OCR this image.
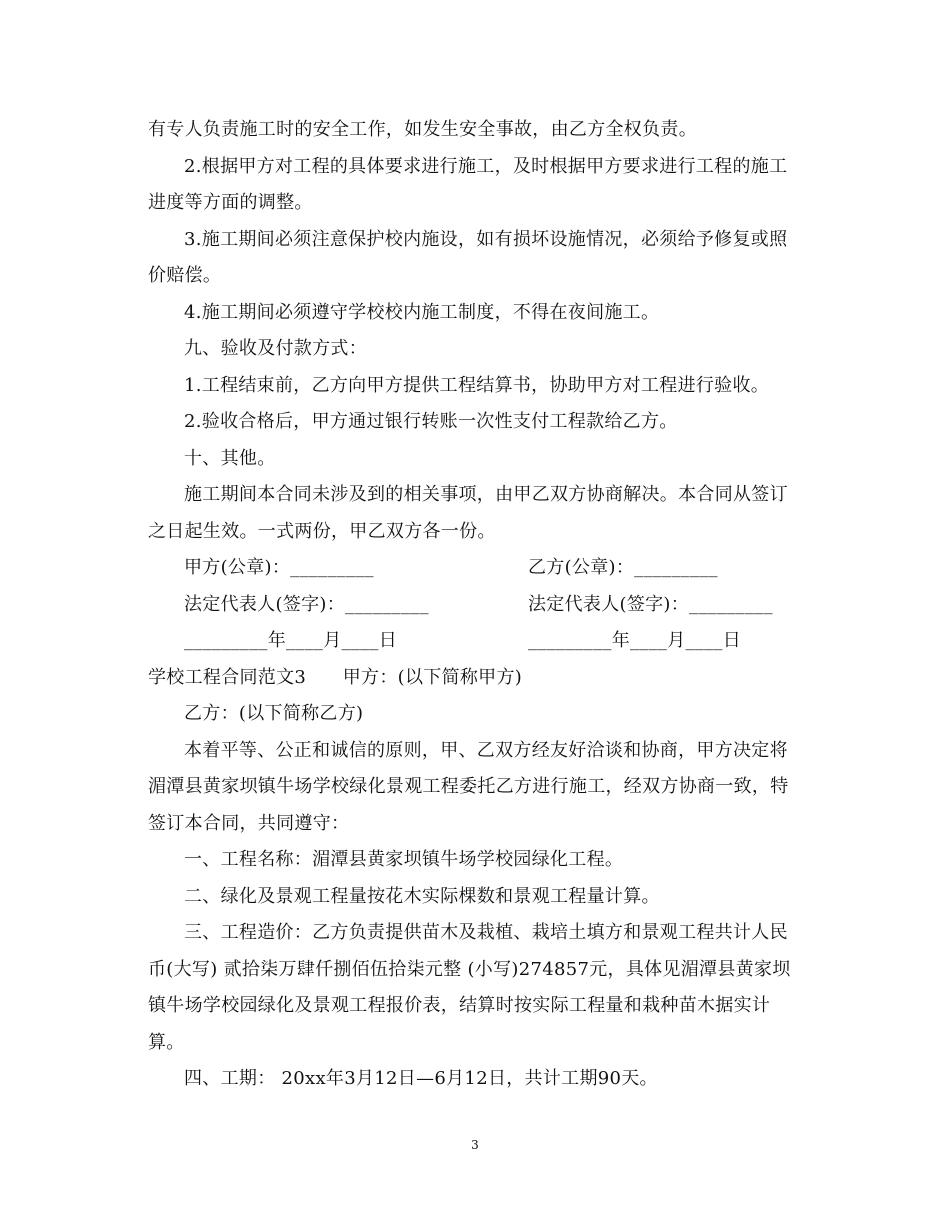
有专人负责施工时的安全工作，如发生安全事故，由乙方全权负责。
2.根据甲方对工程的具体要求进行施工，及时根据甲方要求进行工程的施工
进度等方面的调整。
3.施工期间必须注意保护校内施设，如有损坏设施情况，必须给予修复或照
价赔偿。
4.施工期间必须遵守学校校内施工制度，不得在夜间施工。
九、验收及付款方式：
1.工程结束前，乙方向甲方提供工程结算书，协助甲方对工程进行验收。
2.验收合格后，甲方通过银行转账一次性支付工程款给乙方。
十、其他。
施工期间本合同未涉及到的相关事项，由甲乙双方协商解决。本合同从签订
之日起生效。一式两份，甲乙双方各一份。
甲方(公章)：_________	乙方(公章)：_________
法定代表人(签字)：_________	法定代表人(签字)：_________
_________年____月____日	_________年____月____日
学校工程合同范文3　　甲方：(以下简称甲方)
乙方：(以下简称乙方)
本着平等、公正和诚信的原则，甲、乙双方经友好洽谈和协商，甲方决定将
湄潭县黄家坝镇牛场学校绿化景观工程委托乙方进行施工，经双方协商一致，特
签订本合同，共同遵守：
一、工程名称：湄潭县黄家坝镇牛场学校园绿化工程。
二、绿化及景观工程量按花木实际棵数和景观工程量计算。
三、工程造价：乙方负责提供苗木及栽植、栽培土填方和景观工程共计人民
币(大写) 贰拾柒万肆仟捌佰伍拾柒元整 (小写)274857元，具体见湄潭县黄家坝
镇牛场学校园绿化及景观工程报价表，结算时按实际工程量和栽种苗木据实计
算。
四、工期： 20xx年3月12日—6月12日，共计工期90天。
3
